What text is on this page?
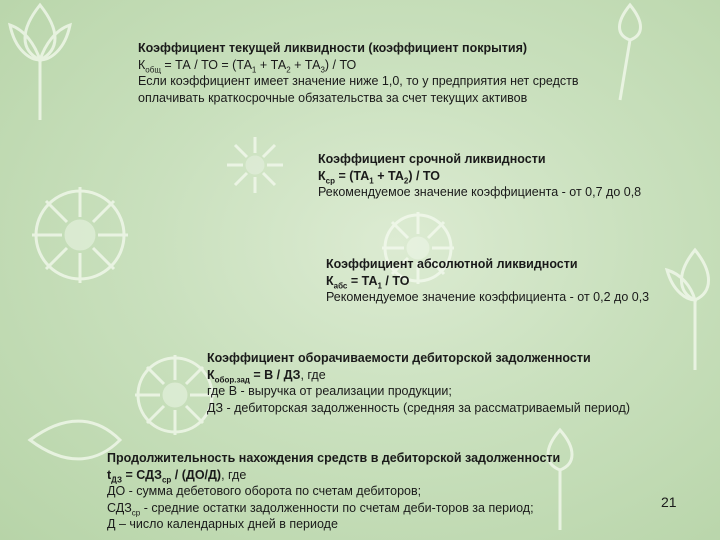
Коэффициент текущей ликвидности (коэффициент покрытия)
$К_{общ}$ = ТА / ТО = $(ТА_1 + ТА_2 + ТА_3)$ / ТО
Если коэффициент имеет значение ниже 1,0, то у предприятия нет средств
оплачивать краткосрочные обязательства за счет текущих активов
Коэффициент срочной ликвидности
$К_{ср} = (ТА_1 + ТА_2)$ / ТО
Рекомендуемое значение коэффициента - от 0,7 до 0,8
Коэффициент абсолютной ликвидности
$К_{абс} = ТА_1$ / ТО
Рекомендуемое значение коэффициента - от 0,2 до 0,3
Коэффициент оборачиваемости дебиторской задолженности
$К_{обор.зад} = В$ / ДЗ, где
где В - выручка от реализации продукции;
ДЗ - дебиторская задолженность (средняя за рассматриваемый период)
Продолжительность нахождения средств в дебиторской задолженности
$t_{ДЗ} = СДЗ_{ср} / (ДО/Д)$, где
ДО - сумма дебетового оборота по счетам дебиторов;
$СДЗ_{ср}$ - средние остатки задолженности по счетам деби-торов за период;
Д – число календарных дней в периоде
21
